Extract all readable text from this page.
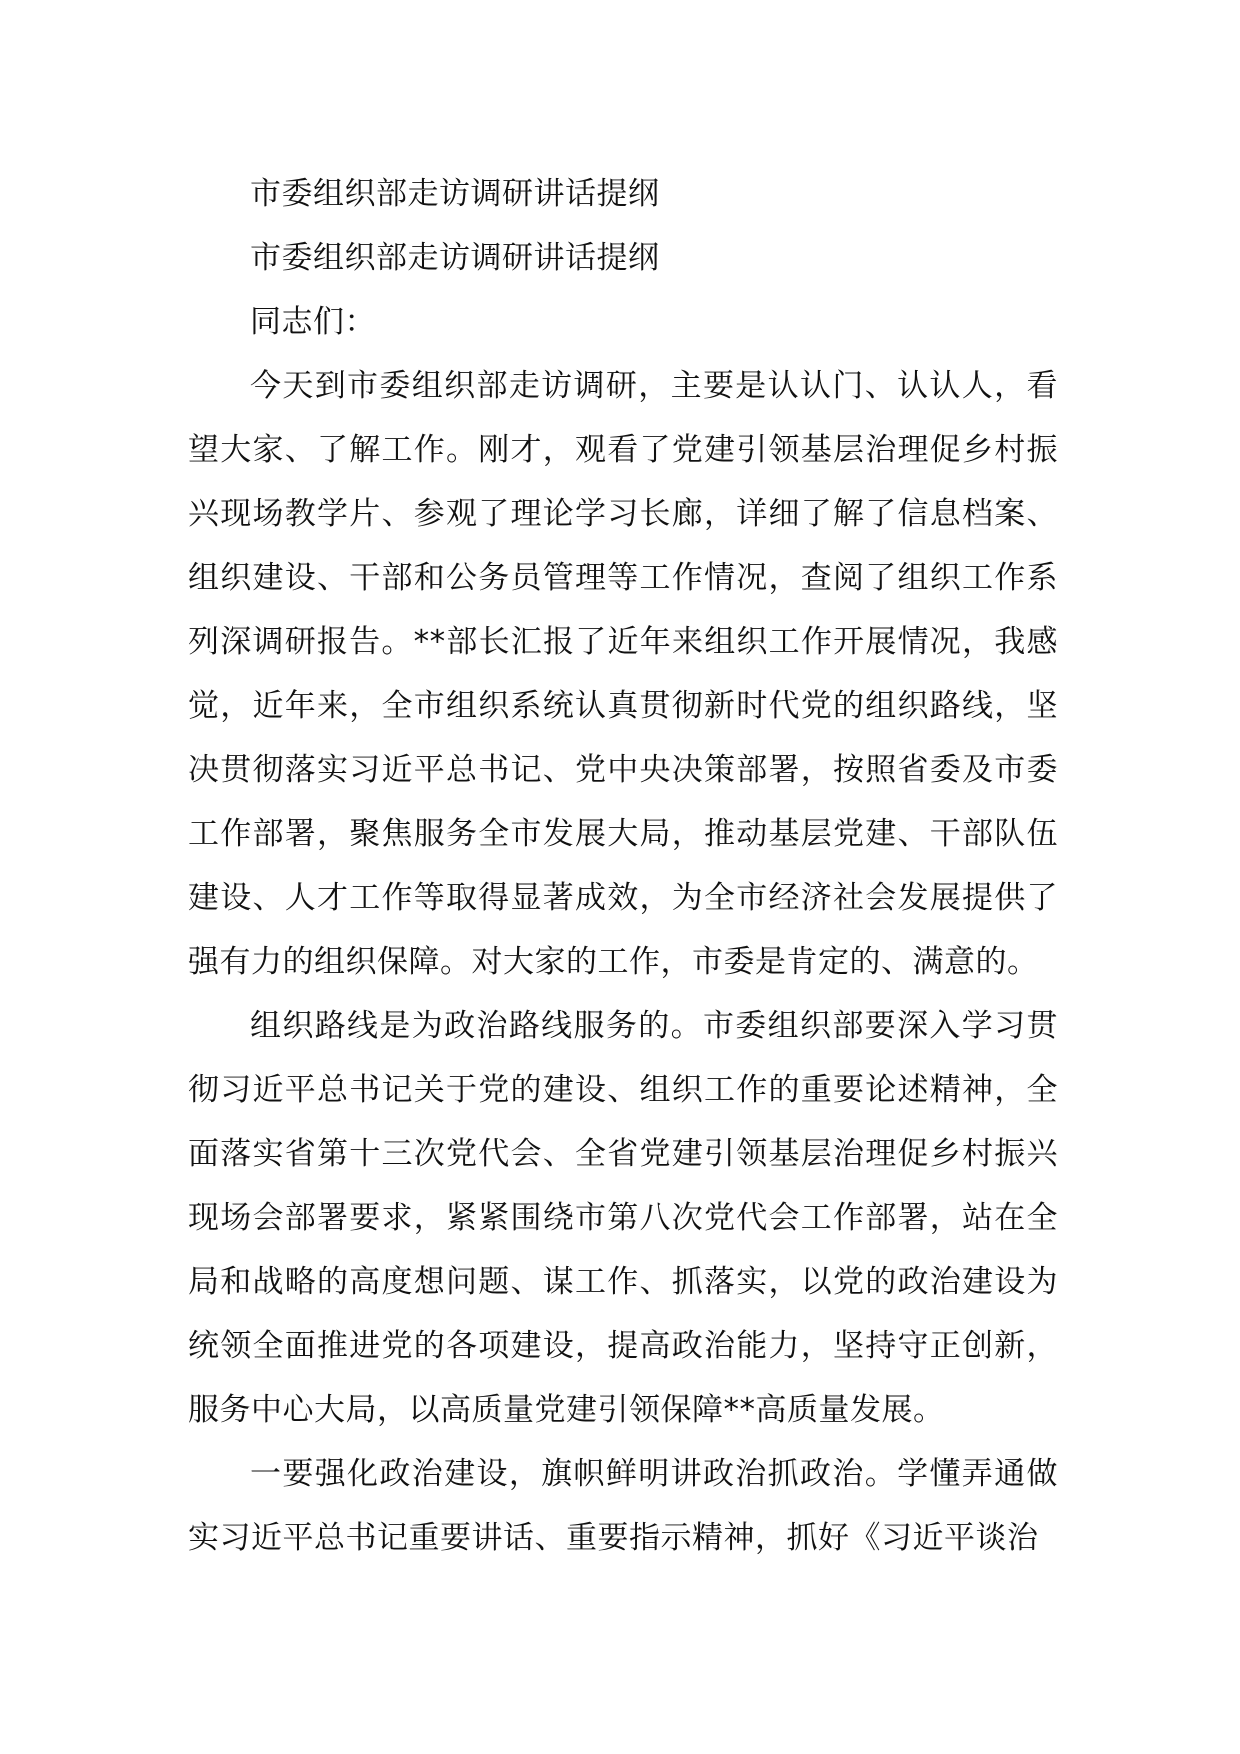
市委组织部走访调研讲话提纲

市委组织部走访调研讲话提纲

同志们：

今天到市委组织部走访调研，主要是认认门、认认人，看望大家、了解工作。刚才，观看了党建引领基层治理促乡村振兴现场教学片、参观了理论学习长廊，详细了解了信息档案、组织建设、干部和公务员管理等工作情况，查阅了组织工作系列深调研报告。**部长汇报了近年来组织工作开展情况，我感觉，近年来，全市组织系统认真贯彻新时代党的组织路线，坚决贯彻落实习近平总书记、党中央决策部署，按照省委及市委工作部署，聚焦服务全市发展大局，推动基层党建、干部队伍建设、人才工作等取得显著成效，为全市经济社会发展提供了强有力的组织保障。对大家的工作，市委是肯定的、满意的。

组织路线是为政治路线服务的。市委组织部要深入学习贯彻习近平总书记关于党的建设、组织工作的重要论述精神，全面落实省第十三次党代会、全省党建引领基层治理促乡村振兴现场会部署要求，紧紧围绕市第八次党代会工作部署，站在全局和战略的高度想问题、谋工作、抓落实，以党的政治建设为统领全面推进党的各项建设，提高政治能力，坚持守正创新，服务中心大局，以高质量党建引领保障**高质量发展。

一要强化政治建设，旗帜鲜明讲政治抓政治。学懂弄通做实习近平总书记重要讲话、重要指示精神，抓好《习近平谈治
